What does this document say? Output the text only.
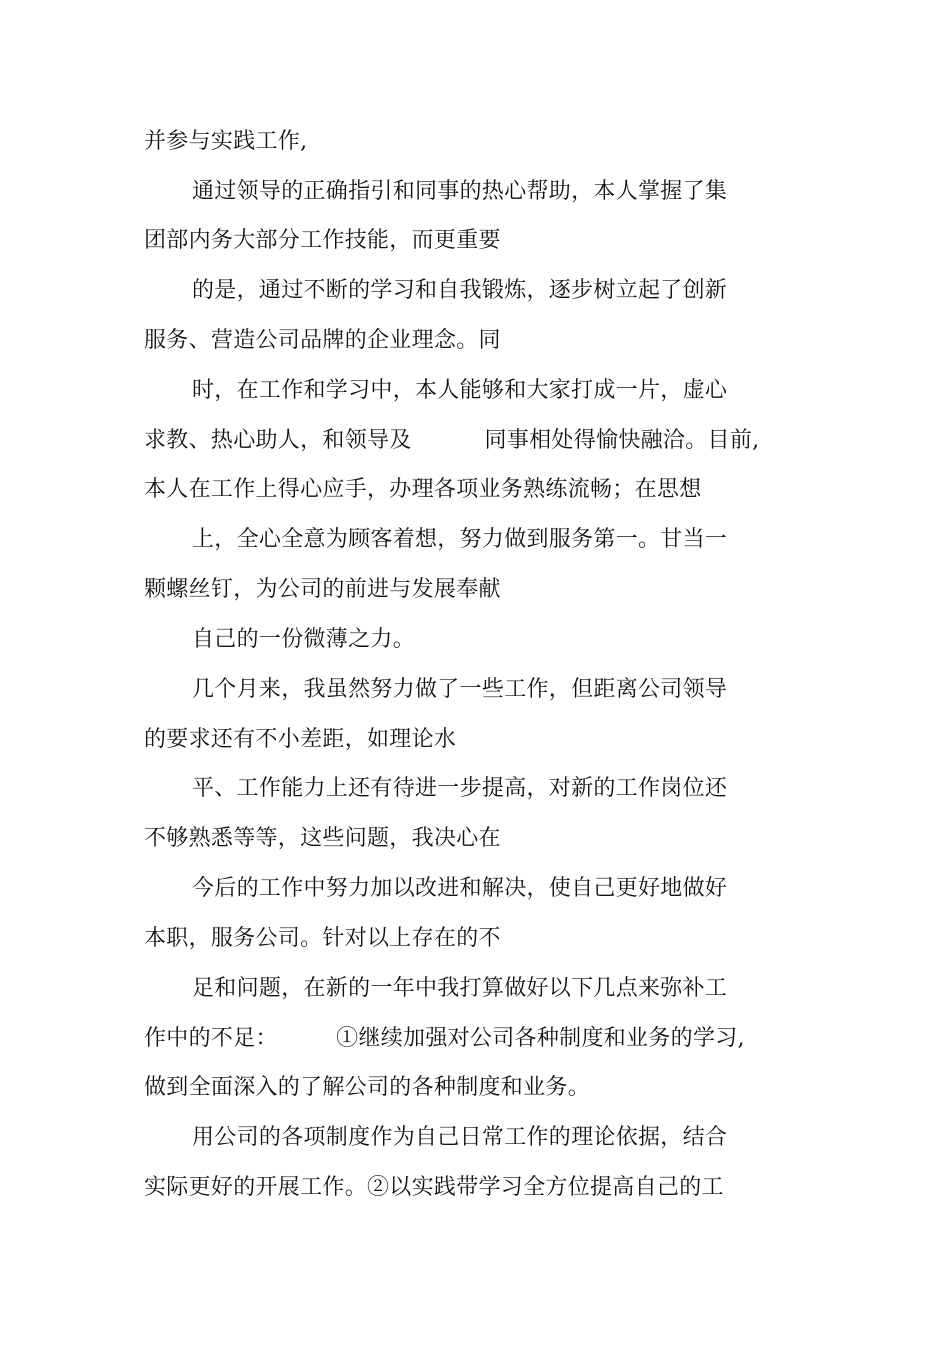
并参与实践工作,
通过领导的正确指引和同事的热心帮助，本人掌握了集
团部内务大部分工作技能，而更重要
的是，通过不断的学习和自我锻炼，逐步树立起了创新
服务、营造公司品牌的企业理念。同
时，在工作和学习中，本人能够和大家打成一片，虚心
求教、热心助人，和领导及          同事相处得愉快融洽。目前,
本人在工作上得心应手，办理各项业务熟练流畅；在思想
上，全心全意为顾客着想，努力做到服务第一。甘当一
颗螺丝钉，为公司的前进与发展奉献
自己的一份微薄之力。
几个月来，我虽然努力做了一些工作，但距离公司领导
的要求还有不小差距，如理论水
平、工作能力上还有待进一步提高，对新的工作岗位还
不够熟悉等等，这些问题，我决心在
今后的工作中努力加以改进和解决，使自己更好地做好
本职，服务公司。针对以上存在的不
足和问题，在新的一年中我打算做好以下几点来弥补工
作中的不足：        ①继续加强对公司各种制度和业务的学习,
做到全面深入的了解公司的各种制度和业务。
用公司的各项制度作为自己日常工作的理论依据，结合
实际更好的开展工作。②以实践带学习全方位提高自己的工
